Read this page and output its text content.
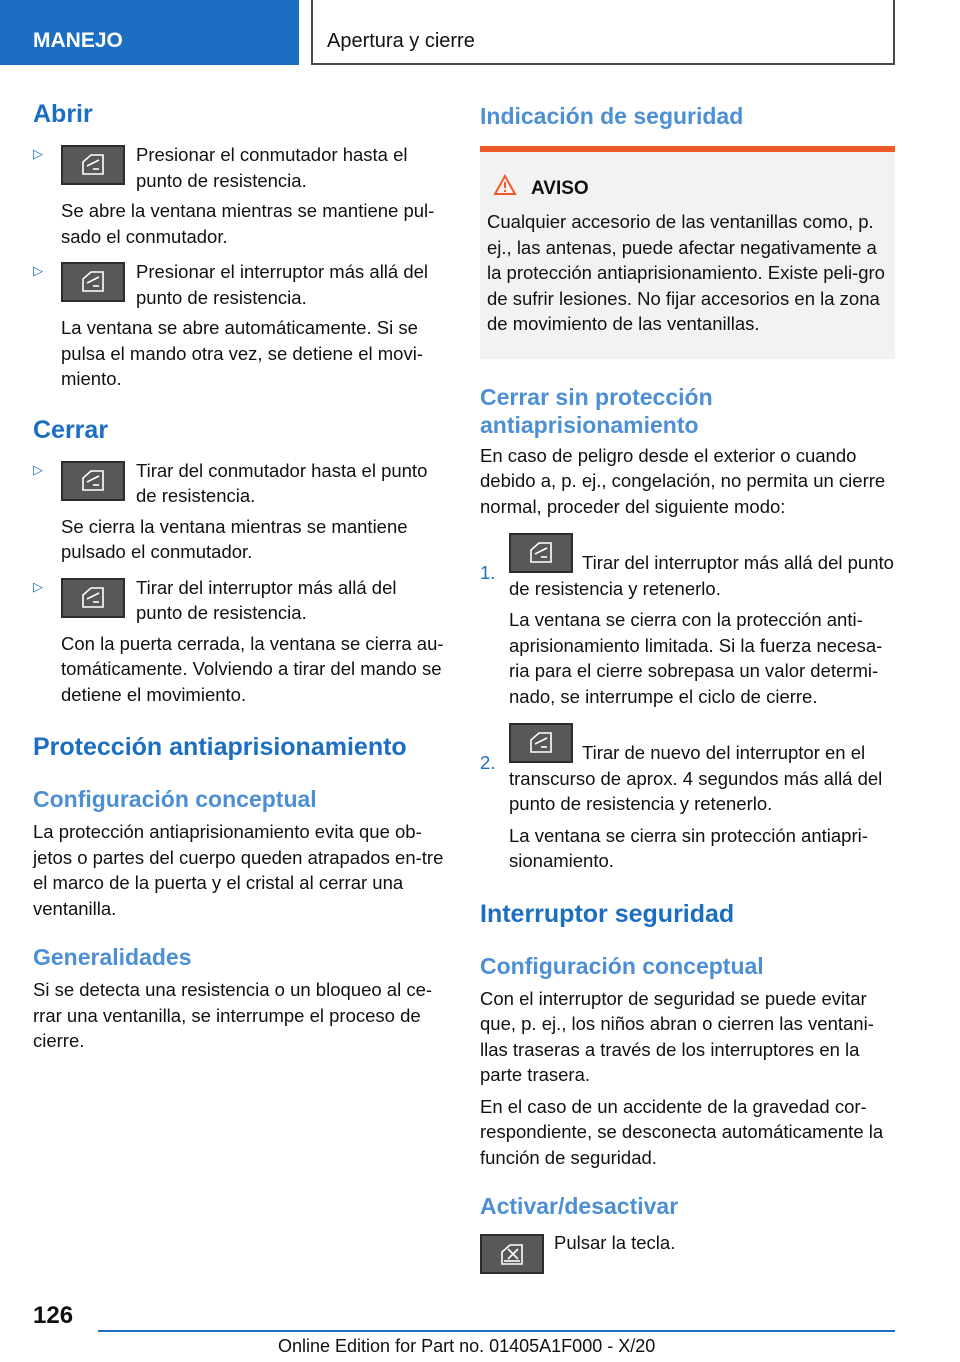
MANEJO	Apertura y cierre
Abrir
▷	Presionar el conmutador hasta el punto de resistencia.
Se abre la ventana mientras se mantiene pul‐sado el conmutador.
▷	Presionar el interruptor más allá del punto de resistencia.
La ventana se abre automáticamente. Si se pulsa el mando otra vez, se detiene el movi‐miento.
Cerrar
▷	Tirar del conmutador hasta el punto de resistencia.
Se cierra la ventana mientras se mantiene pulsado el conmutador.
▷	Tirar del interruptor más allá del punto de resistencia.
Con la puerta cerrada, la ventana se cierra au‐tomáticamente. Volviendo a tirar del mando se detiene el movimiento.
Protección antiaprisionamiento
Configuración conceptual

La protección antiaprisionamiento evita que ob‐jetos o partes del cuerpo queden atrapados en‐tre el marco de la puerta y el cristal al cerrar una ventanilla.

Generalidades

Si se detecta una resistencia o un bloqueo al ce‐rrar una ventanilla, se interrumpe el proceso de cierre.

Indicación de seguridad
AVISO

Cualquier accesorio de las ventanillas como, p. ej., las antenas, puede afectar negativamente a la protección antiaprisionamiento. Existe peli‐gro de sufrir lesiones. No fijar accesorios en la zona de movimiento de las ventanillas.

Cerrar sin protección antiaprisionamiento

En caso de peligro desde el exterior o cuando debido a, p. ej., congelación, no permita un cierre normal, proceder del siguiente modo:

1.	Tirar del interruptor más allá del punto de resistencia y retenerlo.
La ventana se cierra con la protección anti‐aprisionamiento limitada. Si la fuerza necesa‐ria para el cierre sobrepasa un valor determi‐nado, se interrumpe el ciclo de cierre.
2.	Tirar de nuevo del interruptor en el transcurso de aprox. 4 segundos más allá del punto de resistencia y retenerlo.
La ventana se cierra sin protección antiapri‐sionamiento.
Interruptor seguridad
Configuración conceptual

Con el interruptor de seguridad se puede evitar que, p. ej., los niños abran o cierren las ventani‐llas traseras a través de los interruptores en la parte trasera.

En el caso de un accidente de la gravedad cor‐respondiente, se desconecta automáticamente la función de seguridad.

Activar/desactivar
Pulsar la tecla.
126
Online Edition for Part no. 01405A1F000 - X/20
